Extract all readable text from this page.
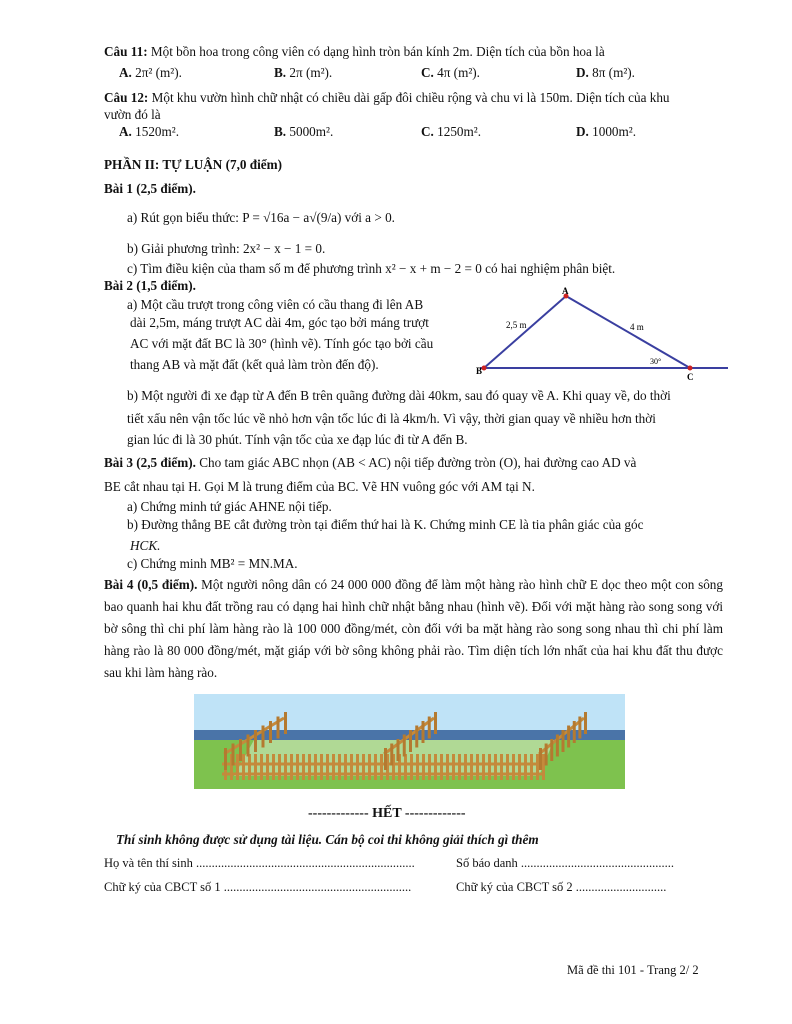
Câu 11: Một bồn hoa trong công viên có dạng hình tròn bán kính 2m. Diện tích của bồn hoa là
A. 2π² (m²).	B. 2π (m²).	C. 4π (m²).	D. 8π (m²).
Câu 12: Một khu vườn hình chữ nhật có chiều dài gấp đôi chiều rộng và chu vi là 150m. Diện tích của khu
vườn đó là
A. 1520m².	B. 5000m².	C. 1250m².	D. 1000m².
PHẦN II: TỰ LUẬN (7,0 điểm)
Bài 1 (2,5 điểm).
a) Rút gọn biểu thức: P = √16a − a√(9/a) với a > 0.
b) Giải phương trình: 2x² − x − 1 = 0.
c) Tìm điều kiện của tham số m để phương trình x² − x + m − 2 = 0 có hai nghiệm phân biệt.
Bài 2 (1,5 điểm).
a) Một cầu trượt trong công viên có cầu thang đi lên AB
dài 2,5m, máng trượt AC dài 4m, góc tạo bởi máng trượt
AC với mặt đất BC là 30° (hình vẽ). Tính góc tạo bởi cầu
thang AB và mặt đất (kết quả làm tròn đến độ).
A
B
C
2,5 m	4 m
30°
b) Một người đi xe đạp từ A đến B trên quãng đường dài 40km, sau đó quay về A. Khi quay về, do thời
tiết xấu nên vận tốc lúc về nhỏ hơn vận tốc lúc đi là 4km/h. Vì vậy, thời gian quay về nhiều hơn thời
gian lúc đi là 30 phút. Tính vận tốc của xe đạp lúc đi từ A đến B.
Bài 3 (2,5 điểm). Cho tam giác ABC nhọn (AB < AC) nội tiếp đường tròn (O), hai đường cao AD và
BE cắt nhau tại H. Gọi M là trung điểm của BC. Vẽ HN vuông góc với AM tại N.
a) Chứng minh tứ giác AHNE nội tiếp.
b) Đường thẳng BE cắt đường tròn tại điểm thứ hai là K. Chứng minh CE là tia phân giác của góc
HCK.
c) Chứng minh MB² = MN.MA.
Bài 4 (0,5 điểm). Một người nông dân có 24 000 000 đồng để làm một hàng rào hình chữ E dọc theo một con sông bao quanh hai khu đất trồng rau có dạng hai hình chữ nhật bằng nhau (hình vẽ). Đối với mặt hàng rào song song với bờ sông thì chi phí làm hàng rào là 100 000 đồng/mét, còn đối với ba mặt hàng rào song song nhau thì chi phí làm hàng rào là 80 000 đồng/mét, mặt giáp với bờ sông không phải rào. Tìm diện tích lớn nhất của hai khu đất thu được sau khi làm hàng rào.
------------- HẾT -------------
Thí sinh không được sử dụng tài liệu. Cán bộ coi thi không giải thích gì thêm
Họ và tên thí sinh ......................................................................	Số báo danh .................................................
Chữ ký của CBCT số 1 ............................................................	Chữ ký của CBCT số 2 .............................
Mã đề thi 101 - Trang 2/ 2
